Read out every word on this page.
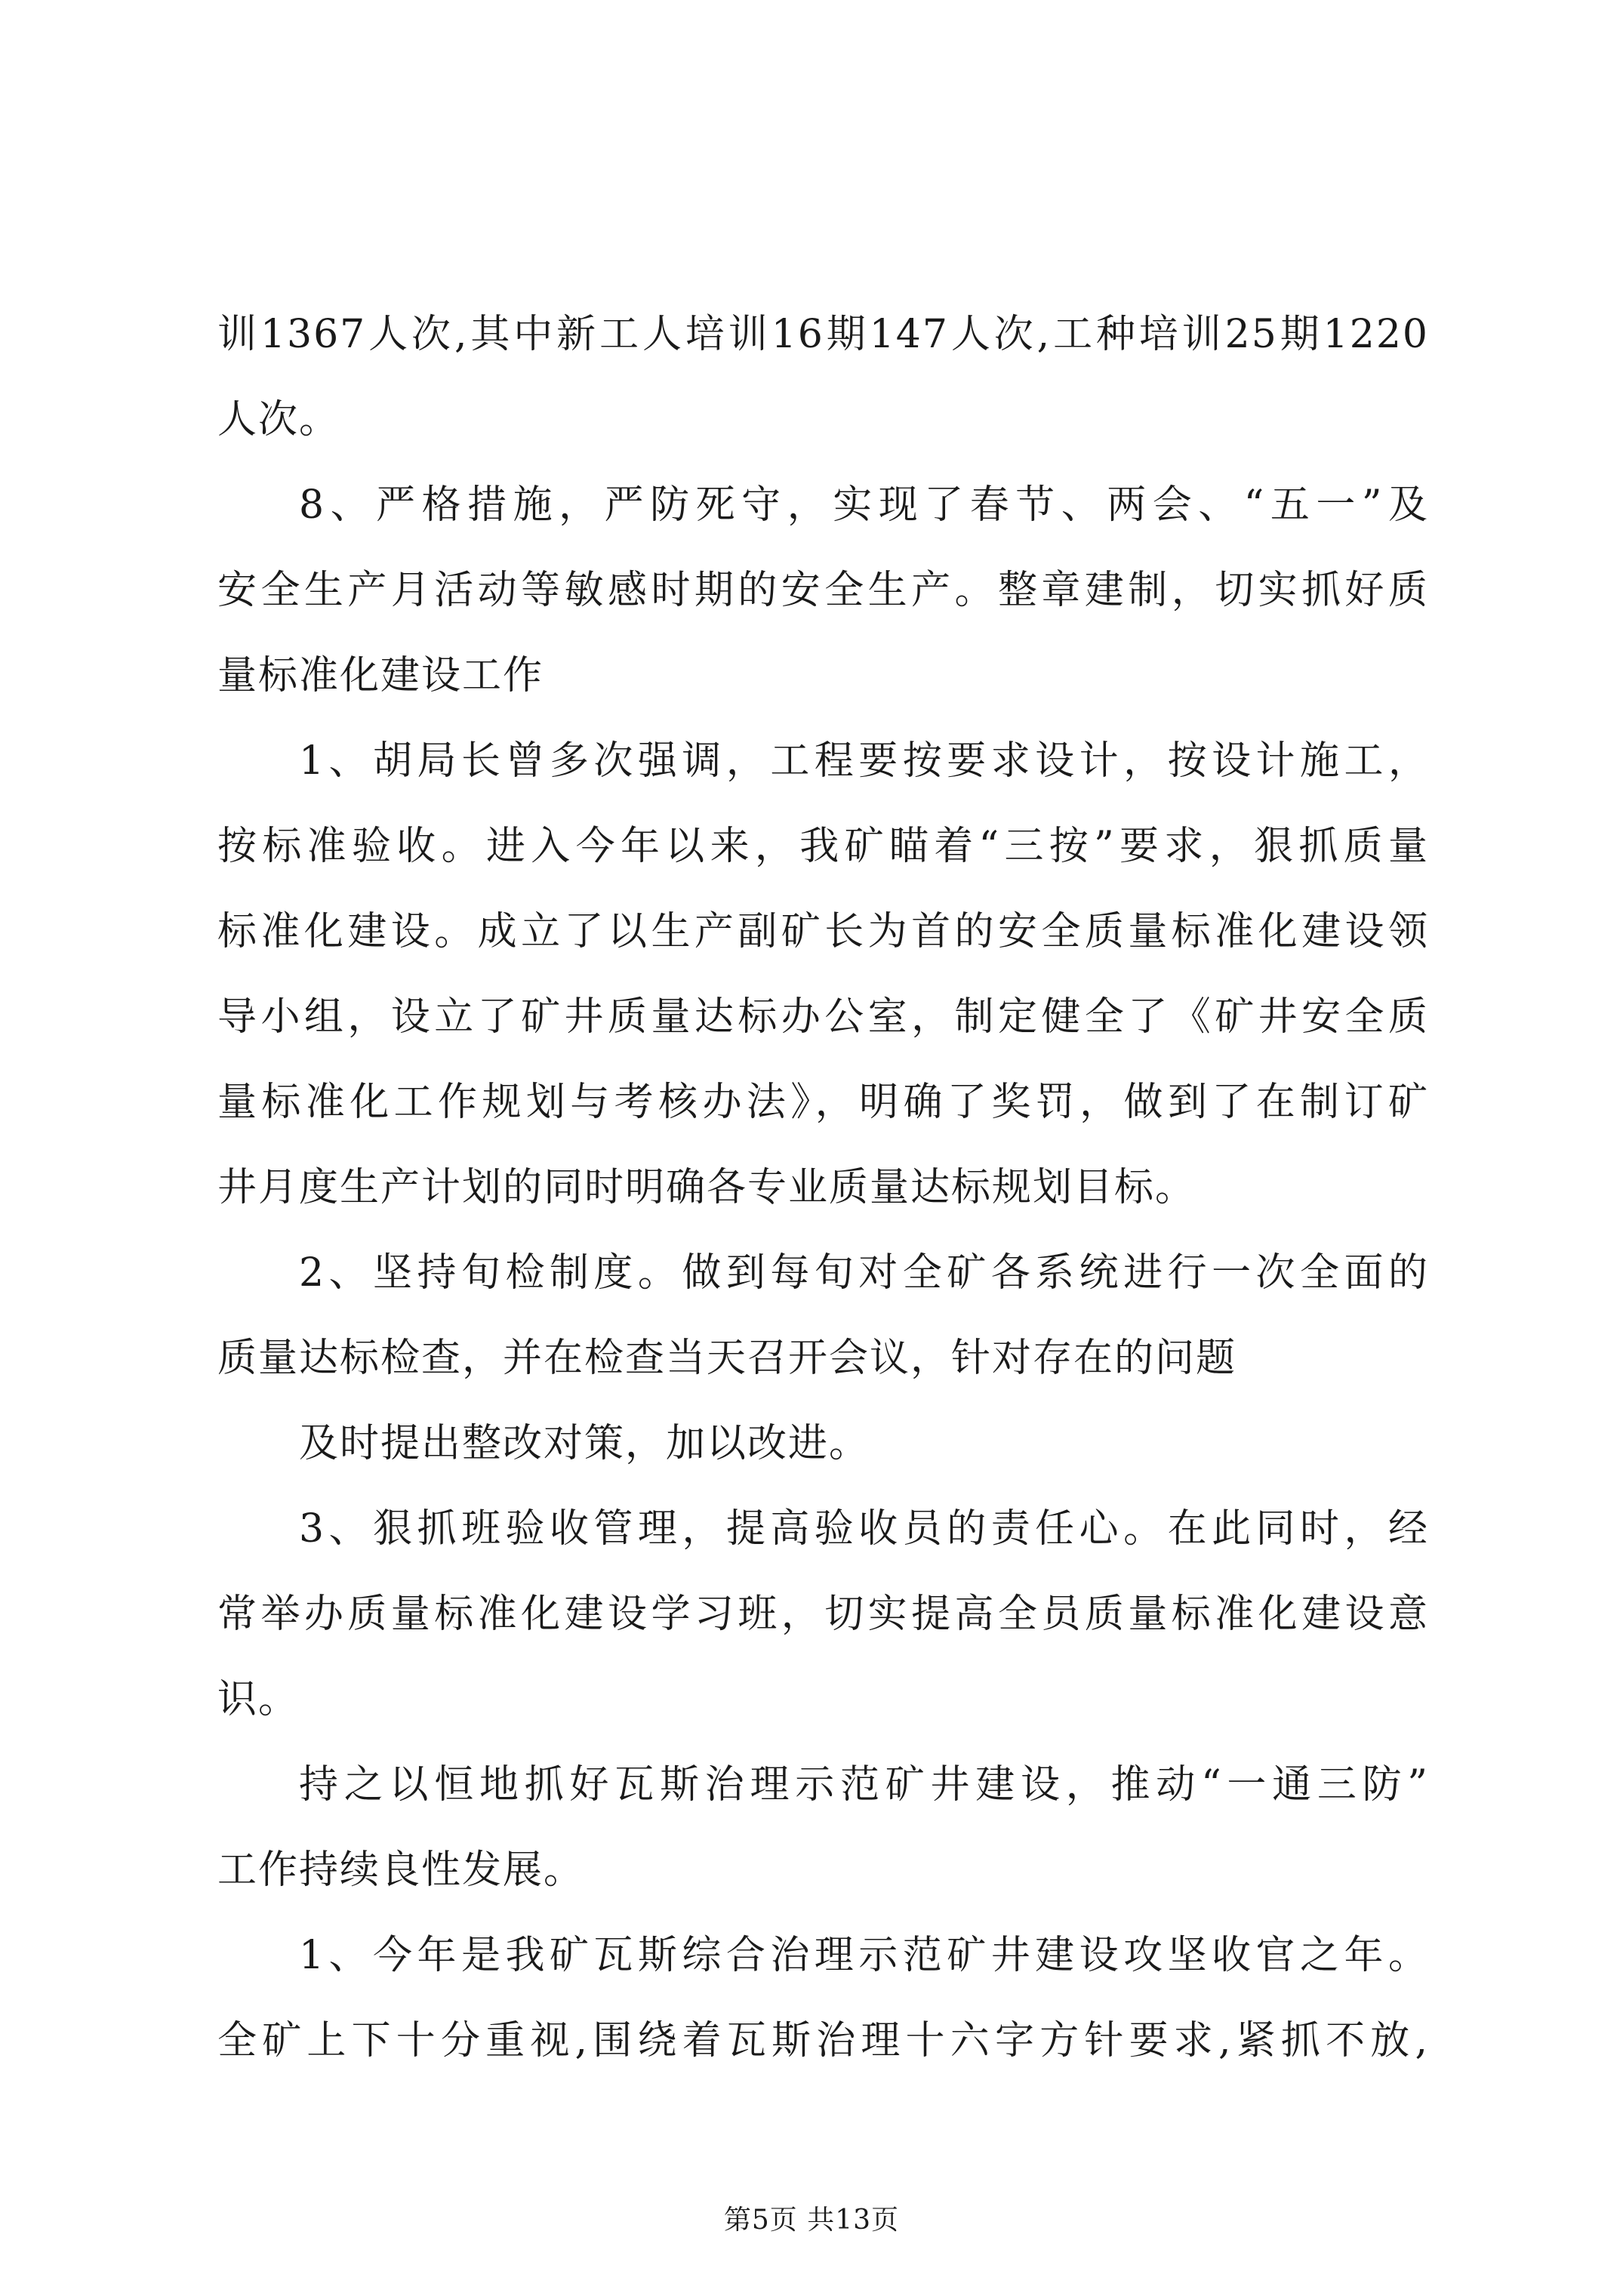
训1367人次,其中新工人培训16期147人次,工种培训25期1220
人次。
8、严格措施，严防死守，实现了春节、两会、“五一”及
安全生产月活动等敏感时期的安全生产。整章建制，切实抓好质
量标准化建设工作
1、胡局长曾多次强调，工程要按要求设计，按设计施工，
按标准验收。进入今年以来，我矿瞄着“三按”要求，狠抓质量
标准化建设。成立了以生产副矿长为首的安全质量标准化建设领
导小组，设立了矿井质量达标办公室，制定健全了《矿井安全质
量标准化工作规划与考核办法》，明确了奖罚，做到了在制订矿
井月度生产计划的同时明确各专业质量达标规划目标。
2、坚持旬检制度。做到每旬对全矿各系统进行一次全面的
质量达标检查，并在检查当天召开会议，针对存在的问题
及时提出整改对策，加以改进。
3、狠抓班验收管理，提高验收员的责任心。在此同时，经
常举办质量标准化建设学习班，切实提高全员质量标准化建设意
识。
持之以恒地抓好瓦斯治理示范矿井建设，推动“一通三防”
工作持续良性发展。
1、今年是我矿瓦斯综合治理示范矿井建设攻坚收官之年。
全矿上下十分重视,围绕着瓦斯治理十六字方针要求,紧抓不放,
第5页 共13页
